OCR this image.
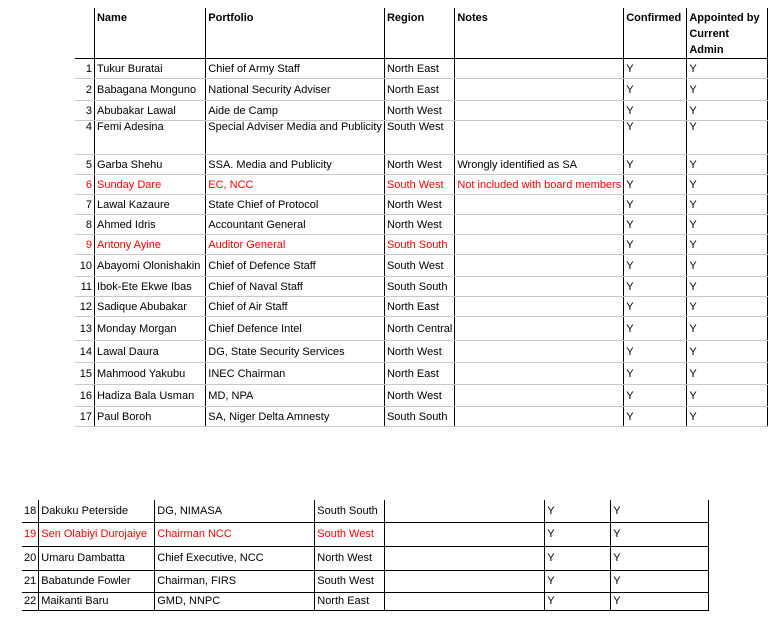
	Name	Portfolio	Region	Notes	Confirmed	Appointed by Current Admin
1	Tukur Buratai	Chief of Army Staff	North East		Y	Y
2	Babagana Monguno	National Security Adviser	North East		Y	Y
3	Abubakar Lawal	Aide de Camp	North West		Y	Y
4	Femi Adesina	Special Adviser Media and Publicity	South West		Y	Y
5	Garba Shehu	SSA. Media and Publicity	North West	Wrongly identified as SA	Y	Y
6	Sunday Dare	EC, NCC	South West	Not included with board members	Y	Y
7	Lawal Kazaure	State Chief of Protocol	North West		Y	Y
8	Ahmed Idris	Accountant General	North West		Y	Y
9	Antony Ayine	Auditor General	South South		Y	Y
10	Abayomi Olonishakin	Chief of Defence Staff	South West		Y	Y
11	Ibok-Ete Ekwe Ibas	Chief of Naval Staff	South South		Y	Y
12	Sadique Abubakar	Chief of Air Staff	North East		Y	Y
13	Monday Morgan	Chief Defence Intel	North Central		Y	Y
14	Lawal Daura	DG, State Security Services	North West		Y	Y
15	Mahmood Yakubu	INEC Chairman	North East		Y	Y
16	Hadiza Bala Usman	MD, NPA	North West		Y	Y
17	Paul Boroh	SA, Niger Delta Amnesty	South South		Y	Y
18	Dakuku Peterside	DG, NIMASA	South South		Y	Y
19	Sen Olabiyi Durojaiye	Chairman NCC	South West		Y	Y
20	Umaru Dambatta	Chief Executive, NCC	North West		Y	Y
21	Babatunde Fowler	Chairman, FIRS	South West		Y	Y
22	Maikanti Baru	GMD, NNPC	North East		Y	Y
